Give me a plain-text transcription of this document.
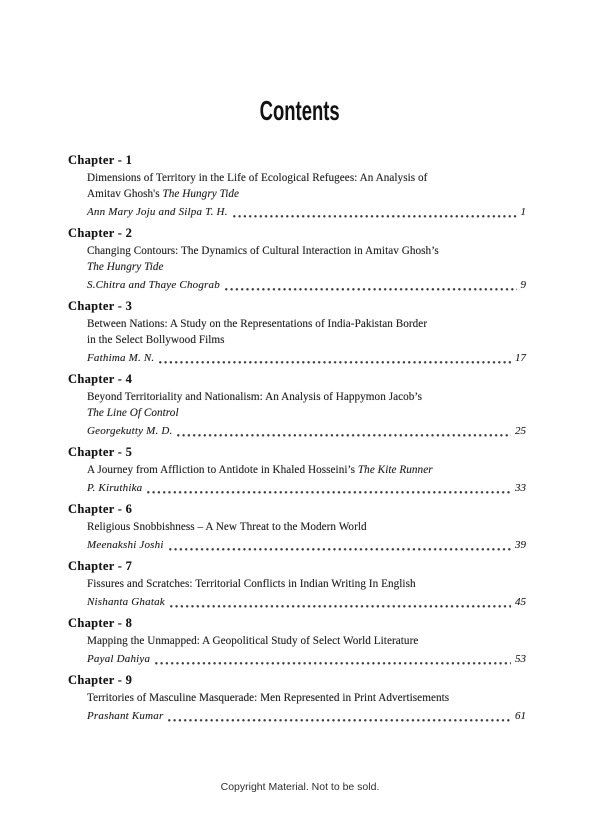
Contents
Chapter - 1
Dimensions of Territory in the Life of Ecological Refugees: An Analysis of
Amitav Ghosh's The Hungry Tide
Ann Mary Joju and Silpa T. H.	1
Chapter - 2
Changing Contours: The Dynamics of Cultural Interaction in Amitav Ghosh’s
The Hungry Tide
S.Chitra and Thaye Chograb	9
Chapter - 3
Between Nations: A Study on the Representations of India-Pakistan Border
in the Select Bollywood Films
Fathima M. N.	17
Chapter - 4
Beyond Territoriality and Nationalism: An Analysis of Happymon Jacob’s
The Line Of Control
Georgekutty M. D.	25
Chapter - 5
A Journey from Affliction to Antidote in Khaled Hosseini’s The Kite Runner
P. Kiruthika	33
Chapter - 6
Religious Snobbishness – A New Threat to the Modern World
Meenakshi Joshi	39
Chapter - 7
Fissures and Scratches: Territorial Conflicts in Indian Writing In English
Nishanta Ghatak	45
Chapter - 8
Mapping the Unmapped: A Geopolitical Study of Select World Literature
Payal Dahiya	53
Chapter - 9
Territories of Masculine Masquerade: Men Represented in Print Advertisements
Prashant Kumar	61
Copyright Material. Not to be sold.
